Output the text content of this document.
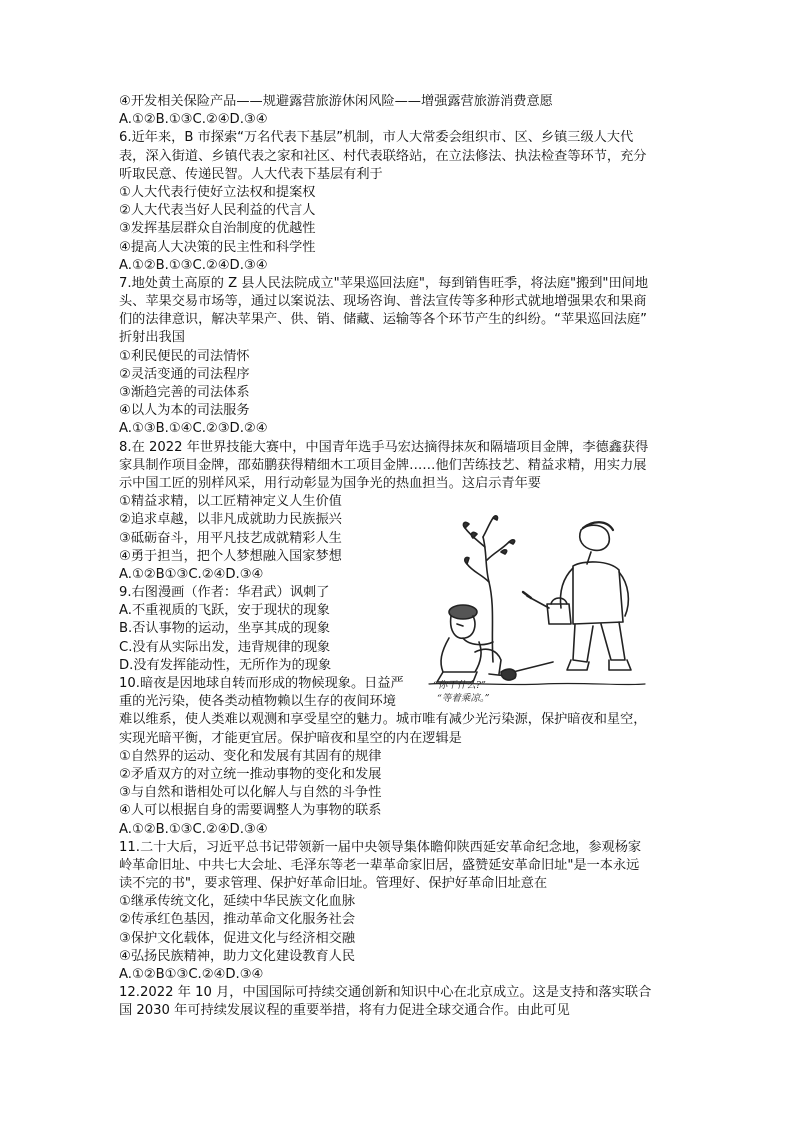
④开发相关保险产品——规避露营旅游休闲风险——增强露营旅游消费意愿
A.①②B.①③C.②④D.③④
6.近年来，B 市探索“万名代表下基层”机制，市人大常委会组织市、区、乡镇三级人大代
表，深入街道、乡镇代表之家和社区、村代表联络站，在立法修法、执法检查等环节，充分
听取民意、传递民智。人大代表下基层有利于
①人大代表行使好立法权和提案权
②人大代表当好人民利益的代言人
③发挥基层群众自治制度的优越性
④提高人大决策的民主性和科学性
A.①②B.①③C.②④D.③④
7.地处黄土高原的 Z 县人民法院成立"苹果巡回法庭"，每到销售旺季，将法庭"搬到"田间地
头、苹果交易市场等，通过以案说法、现场咨询、普法宣传等多种形式就地增强果农和果商
们的法律意识，解决苹果产、供、销、储藏、运输等各个环节产生的纠纷。“苹果巡回法庭”
折射出我国
①利民便民的司法情怀
②灵活变通的司法程序
③渐趋完善的司法体系
④以人为本的司法服务
A.①③B.①④C.②③D.②④
8.在 2022 年世界技能大赛中，中国青年选手马宏达摘得抹灰和隔墙项目金牌，李德鑫获得
家具制作项目金牌，邵茹鹏获得精细木工项目金牌……他们苦练技艺、精益求精，用实力展
示中国工匠的别样风采，用行动彰显为国争光的热血担当。这启示青年要
①精益求精，以工匠精神定义人生价值
②追求卓越，以非凡成就助力民族振兴
③砥砺奋斗，用平凡技艺成就精彩人生
④勇于担当，把个人梦想融入国家梦想
A.①②B①③C.②④D.③④
9.右图漫画（作者：华君武）讽刺了
A.不重视质的飞跃，安于现状的现象
B.否认事物的运动，坐享其成的现象
C.没有从实际出发，违背规律的现象
D.没有发挥能动性，无所作为的现象
10.暗夜是因地球自转而形成的物候现象。日益严
重的光污染，使各类动植物赖以生存的夜间环境
难以维系，使人类难以观测和享受星空的魅力。城市唯有减少光污染源，保护暗夜和星空，
实现光暗平衡，才能更宜居。保护暗夜和星空的内在逻辑是
①自然界的运动、变化和发展有其固有的规律
②矛盾双方的对立统一推动事物的变化和发展
③与自然和谐相处可以化解人与自然的斗争性
④人可以根据自身的需要调整人为事物的联系
A.①②B.①③C.②④D.③④
11.二十大后，习近平总书记带领新一届中央领导集体瞻仰陕西延安革命纪念地，参观杨家
岭革命旧址、中共七大会址、毛泽东等老一辈革命家旧居，盛赞延安革命旧址"是一本永远
读不完的书"，要求管理、保护好革命旧址。管理好、保护好革命旧址意在
①继承传统文化，延续中华民族文化血脉
②传承红色基因，推动革命文化服务社会
③保护文化载体，促进文化与经济相交融
④弘扬民族精神，助力文化建设教育人民
A.①②B①③C.②④D.③④
12.2022 年 10 月，中国国际可持续交通创新和知识中心在北京成立。这是支持和落实联合
国 2030 年可持续发展议程的重要举措，将有力促进全球交通合作。由此可见
“你干什么?”
“等着乘凉。”
